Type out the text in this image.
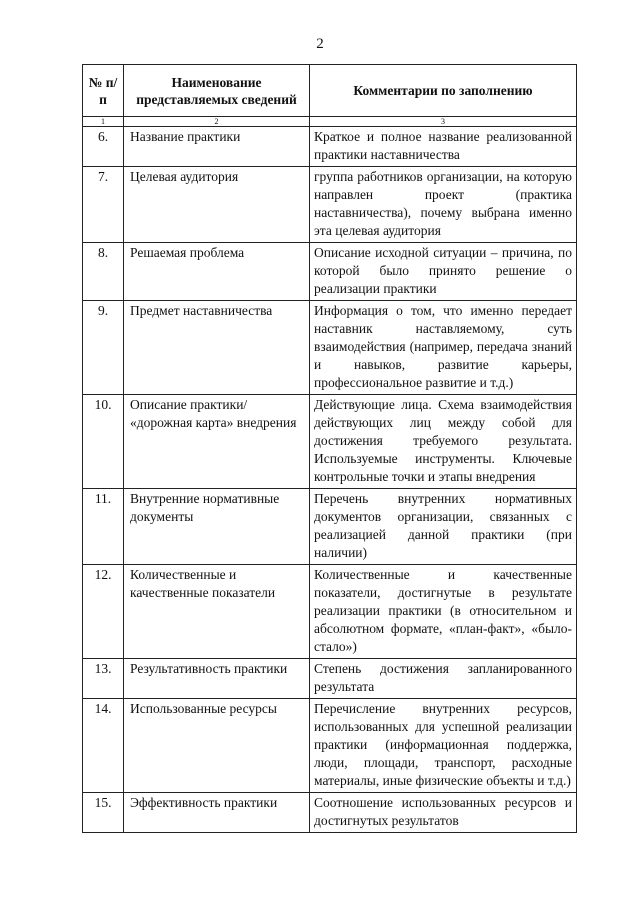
2
№ п/п	Наименование представляемых сведений	Комментарии по заполнению
1	2	3
6.	Название практики	Краткое и полное название реализованной практики наставничества
7.	Целевая аудитория	группа работников организации, на которую направлен проект (практика наставничества), почему выбрана именно эта целевая аудитория
8.	Решаемая проблема	Описание исходной ситуации – причина, по которой было принято решение о реализации практики
9.	Предмет наставничества	Информация о том, что именно передает наставник наставляемому, суть взаимодействия (например, передача знаний и навыков, развитие карьеры, профессиональное развитие и т.д.)
10.	Описание практики/ «дорожная карта» внедрения	Действующие лица. Схема взаимодействия действующих лиц между собой для достижения требуемого результата. Используемые инструменты. Ключевые контрольные точки и этапы внедрения
11.	Внутренние нормативные документы	Перечень внутренних нормативных документов организации, связанных с реализацией данной практики (при наличии)
12.	Количественные и качественные показатели	Количественные и качественные показатели, достигнутые в результате реализации практики (в относительном и абсолютном формате, «план-факт», «было-стало»)
13.	Результативность практики	Степень достижения запланированного результата
14.	Использованные ресурсы	Перечисление внутренних ресурсов, использованных для успешной реализации практики (информационная поддержка, люди, площади, транспорт, расходные материалы, иные физические объекты и т.д.)
15.	Эффективность практики	Соотношение использованных ресурсов и достигнутых результатов
